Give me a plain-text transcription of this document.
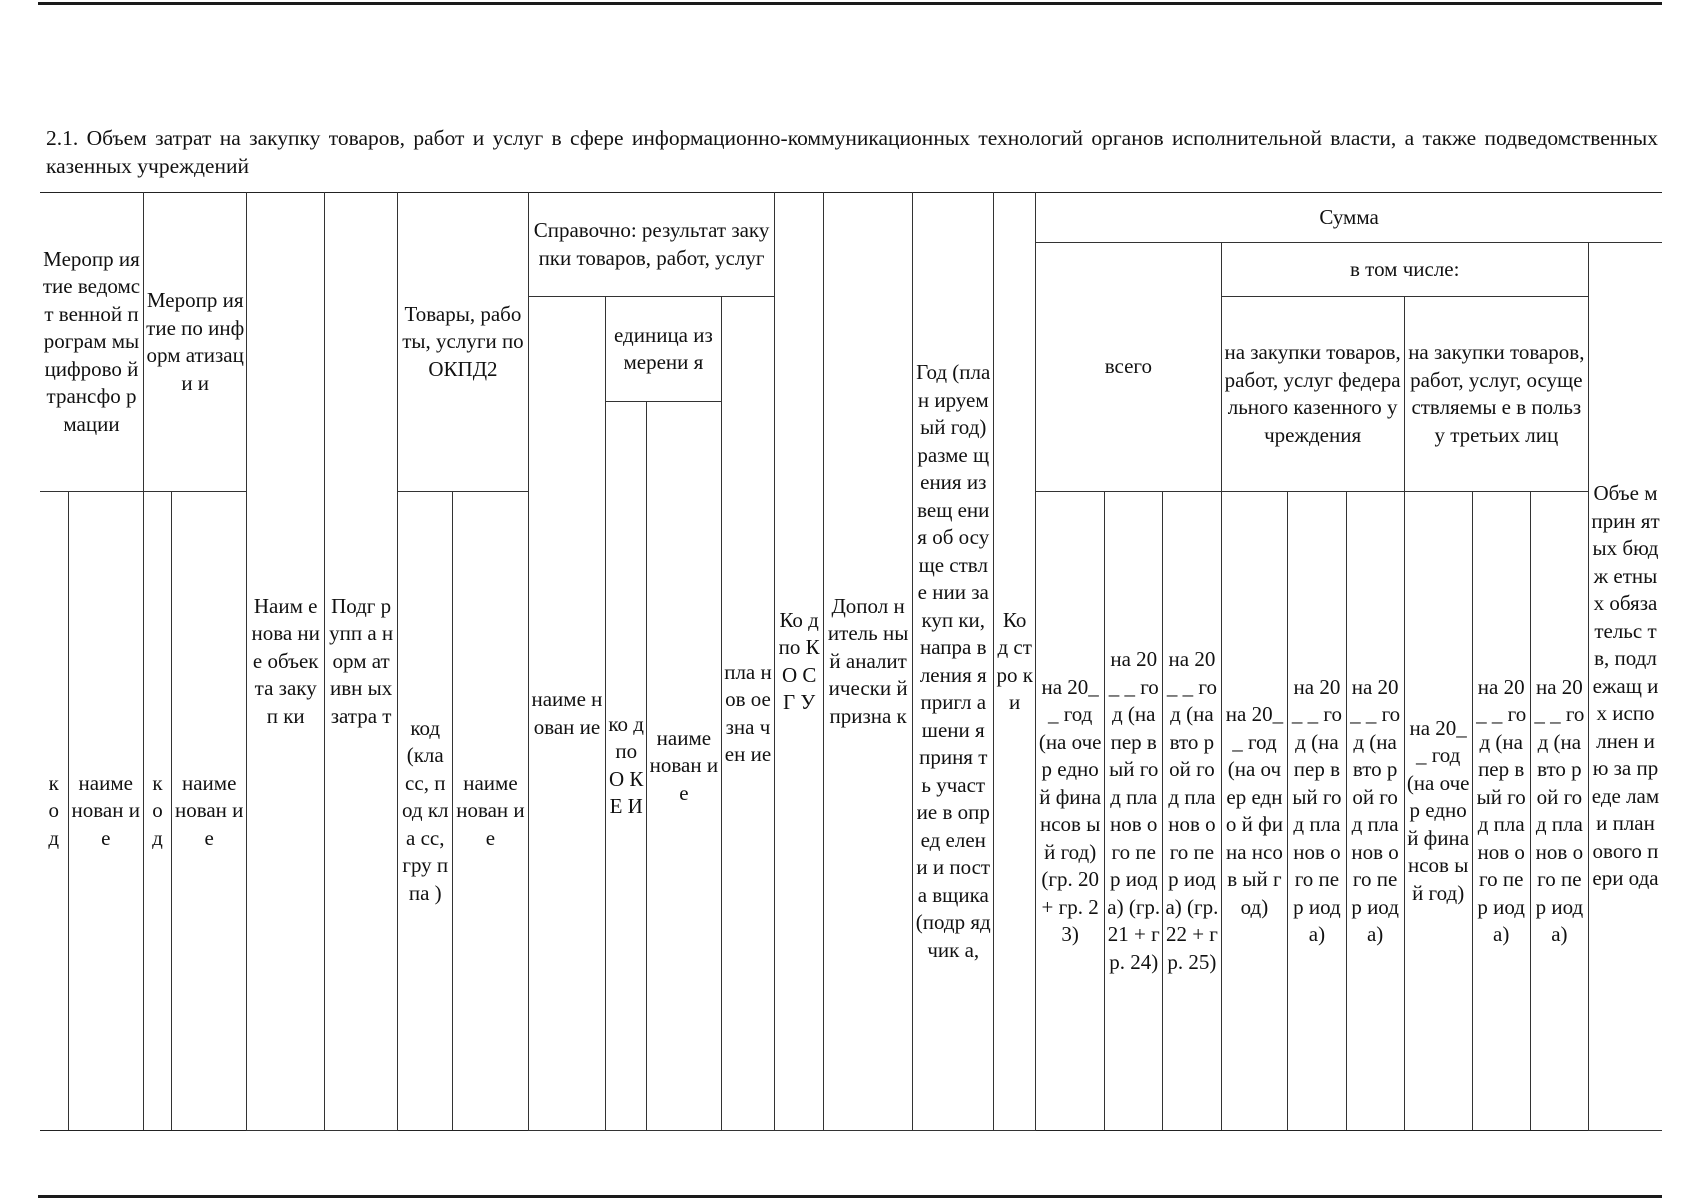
2.1. Объем затрат на закупку товаров, работ и услуг в сфере информационно-коммуникационных технологий органов исполнительной власти, а также подведомственных казенных учреждений
Меропр иятие ведомст венной програм мы цифрово й трансфо рмации		Меропр иятие по информ атизаци и		Наим енова ние объек та закуп ки	Подг рупп а норм ативн ых затра т	Товары, работы, услуги по ОКПД2		Справочно: результат закупки товаров, работ, услуг				Ко д по КО СГ У	Допол нитель ный аналит ически й призна к	Год (план ируем ый год) разме щения извещ ения об осуще ствле нии закуп ки, напра вления я пригл ашени я приня ть участ ие в опред елени и поста вщика (подр ядчик а,	Ко д ст ро ки	Сумма									
																всего			в том числе:						Объе м прин ятых бюдж етны х обяза тельс тв, подл ежащ их испо лнен ию за преде лами план ового пери ода
								наиме нован ие	единица измерени я		пла нов ое зна чен ие								на закупки товаров, работ, услуг федерального казенного учреждения			на закупки товаров, работ, услуг, осуществляемы е в пользу третьих лиц			
									ко д по О К Е И	наиме нован ие															
к о д	наиме нован ие	к о д	наиме нован ие			код (кла сс, под кла сс, гру ппа )	наиме нован ие									на 20__ год (на очер едно й фина нсов ый год) (гр. 20 + гр. 23)	на 20_ _ год (на пер вый год пла нов ого пер иод а) (гр. 21 + гр. 24)	на 20_ _ год (на вто рой год пла нов ого пер иод а) (гр. 22 + гр. 25)	на 20__ год (на очер едно й фина нсов ый год)	на 20_ _ год (на пер вый год пла нов ого пер иод а)	на 20_ _ год (на вто рой год пла нов ого пер иод а)	на 20__ год (на очер едно й фина нсов ый год)	на 20_ _ год (на пер вый год пла нов ого пер иод а)	на 20_ _ год (на вто рой год пла нов ого пер иод а)	
